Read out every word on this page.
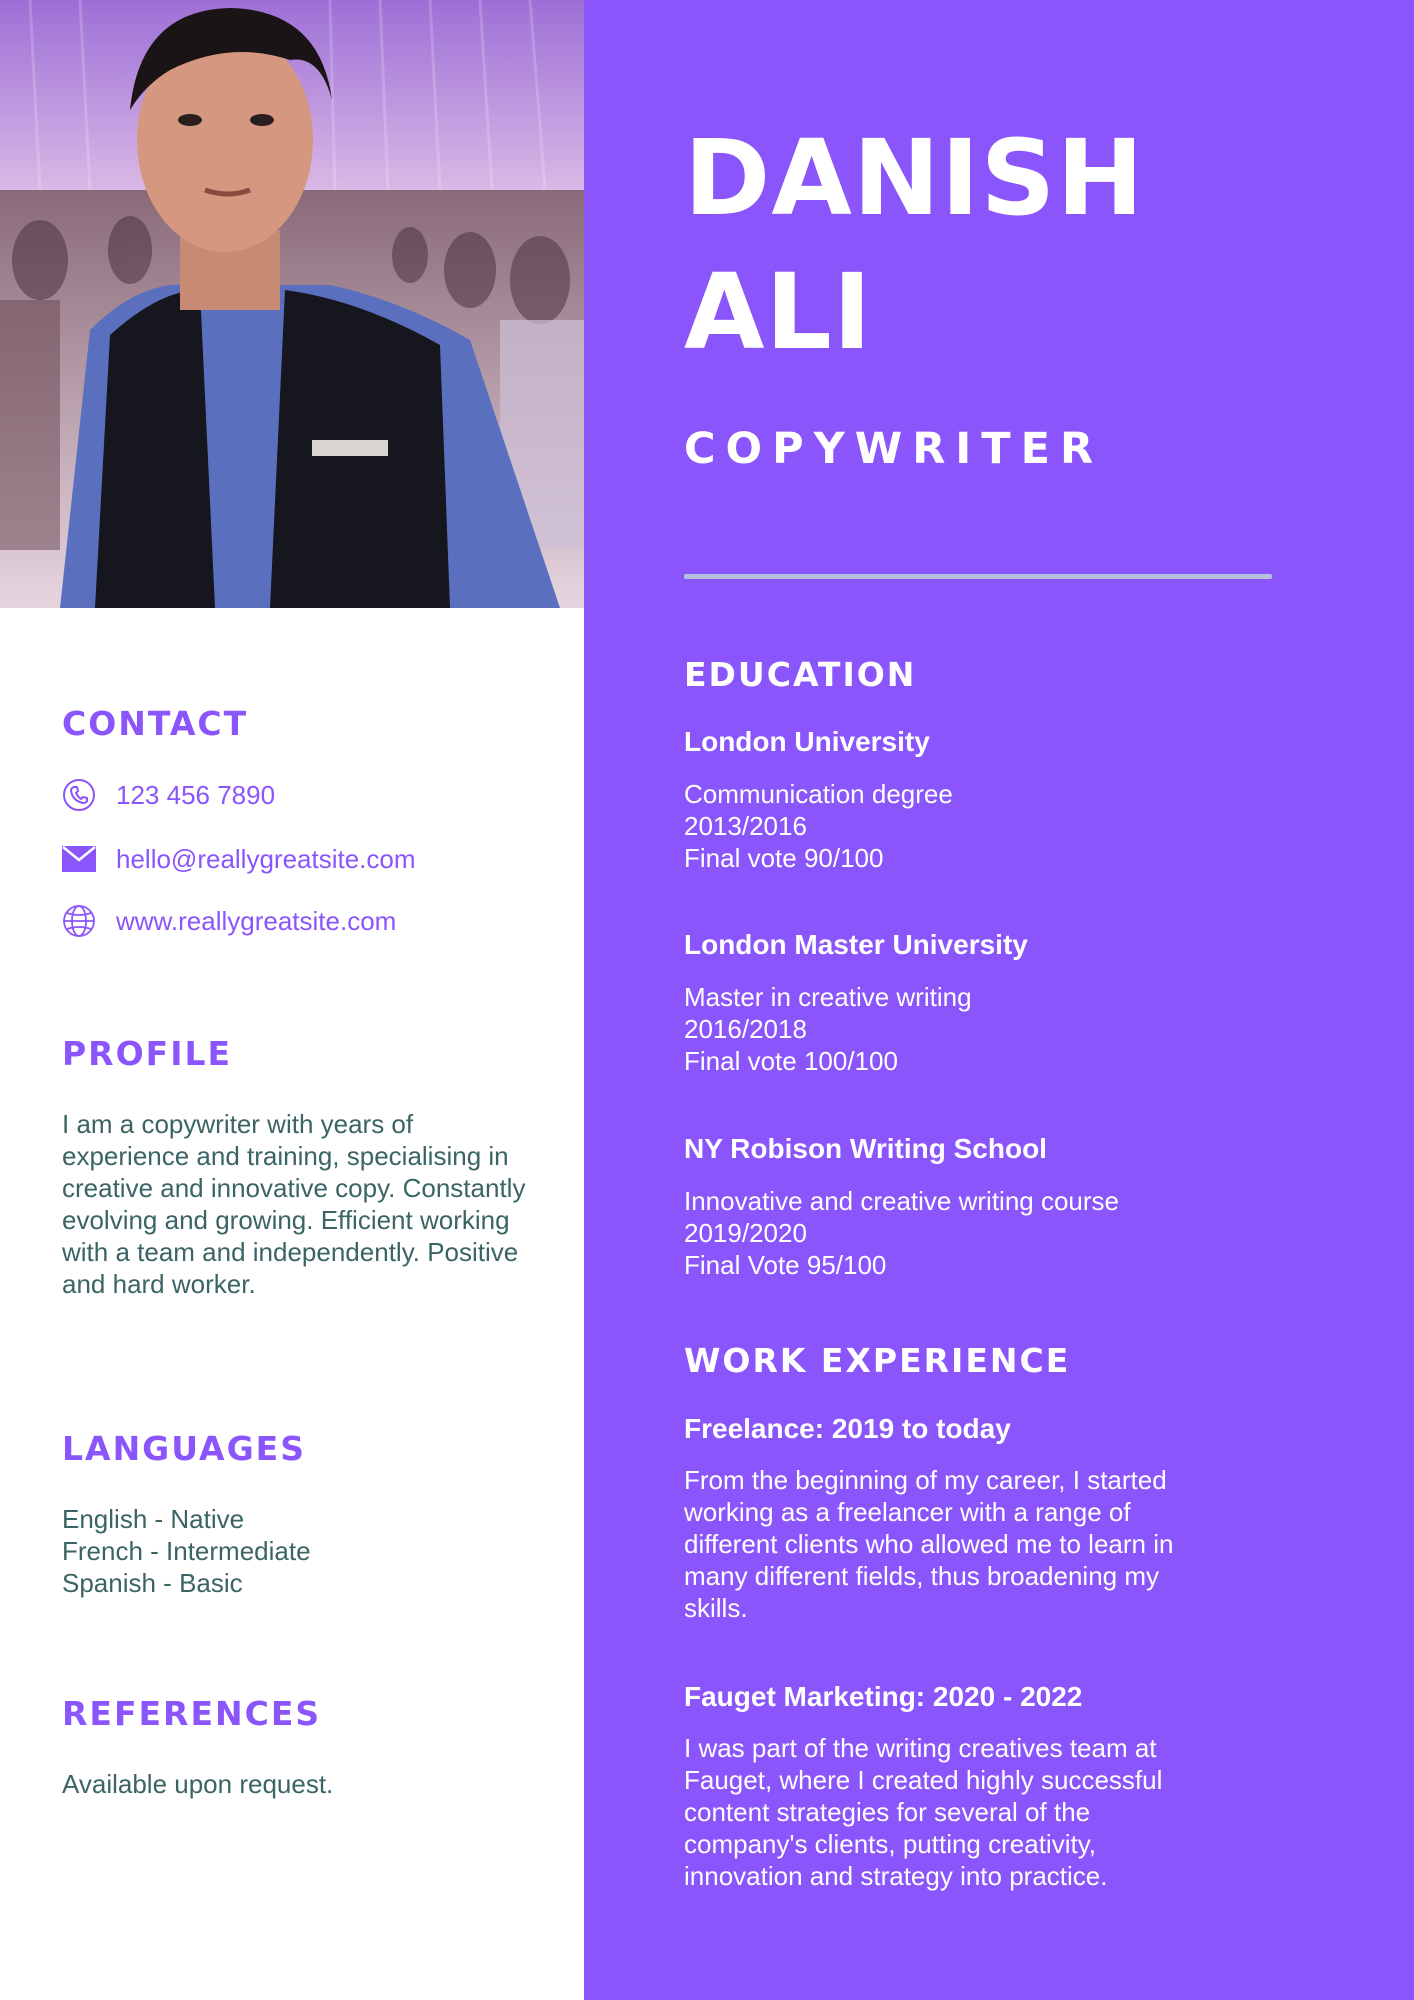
CONTACT
123 456 7890
hello@reallygreatsite.com
www.reallygreatsite.com
PROFILE
I am a copywriter with years of experience and training, specialising in creative and innovative copy. Constantly evolving and growing. Efficient working with a team and independently. Positive and hard worker.
LANGUAGES
English - Native
French - Intermediate
Spanish - Basic
REFERENCES
Available upon request.
DANISH
ALI
COPYWRITER
EDUCATION
London University
Communication degree
2013/2016
Final vote 90/100
London Master University
Master in creative writing
2016/2018
Final vote 100/100
NY Robison Writing School
Innovative and creative writing course
2019/2020
Final Vote 95/100
WORK EXPERIENCE
Freelance: 2019 to today
From the beginning of my career, I started
working as a freelancer with a range of
different clients who allowed me to learn in
many different fields, thus broadening my
skills.
Fauget Marketing: 2020 - 2022
I was part of the writing creatives team at
Fauget, where I created highly successful
content strategies for several of the
company's clients, putting creativity,
innovation and strategy into practice.
